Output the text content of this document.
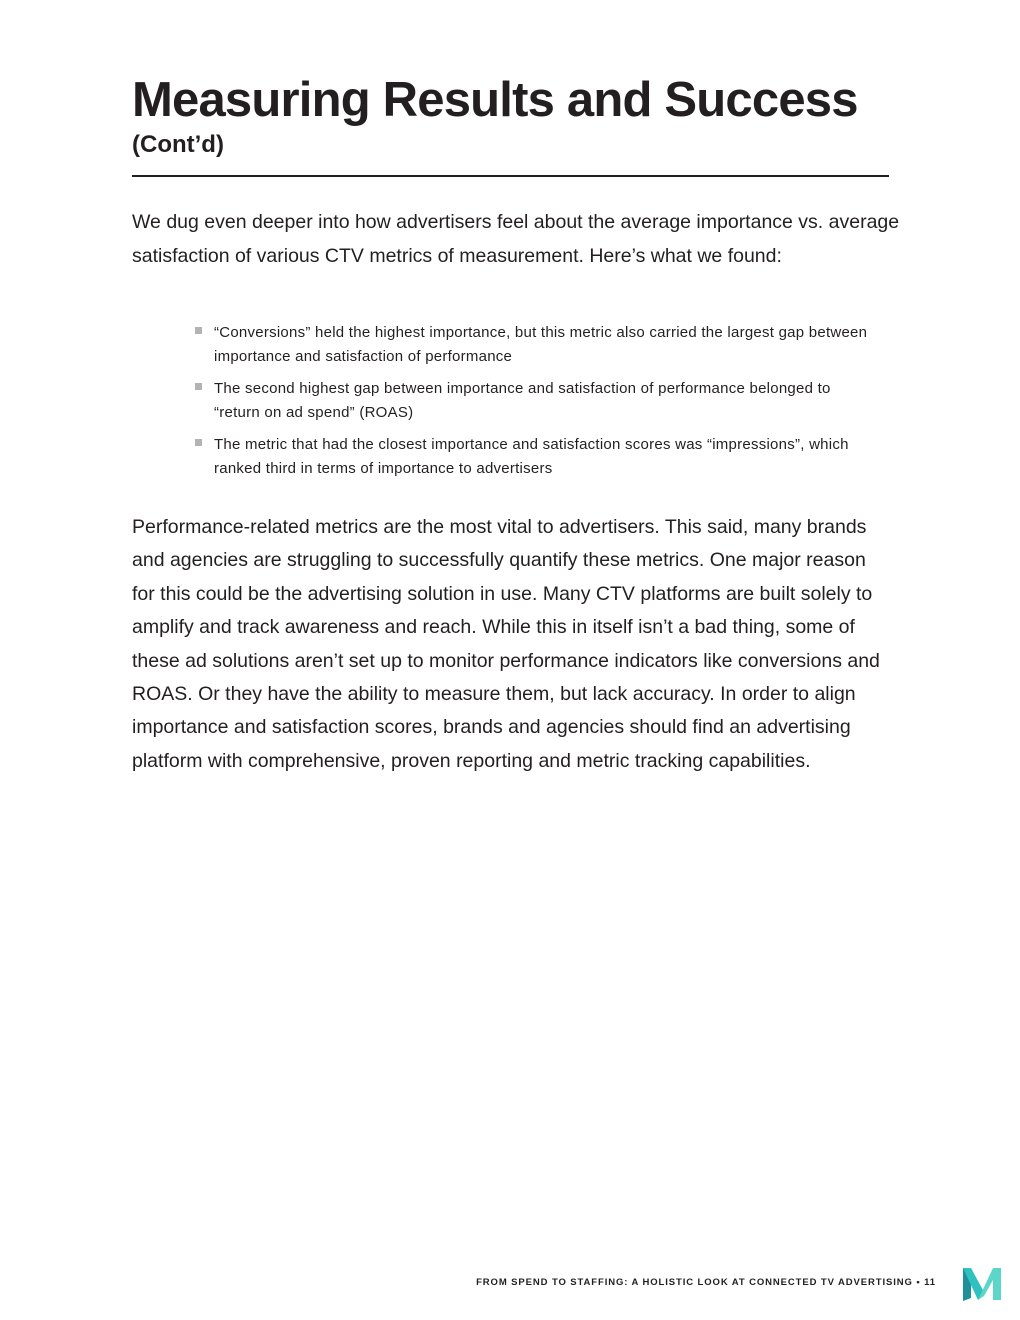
Measuring Results and Success
(Cont’d)

We dug even deeper into how advertisers feel about the average importance vs. average satisfaction of various CTV metrics of measurement. Here’s what we found:

“Conversions” held the highest importance, but this metric also carried the largest gap between importance and satisfaction of performance
The second highest gap between importance and satisfaction of performance belonged to “return on ad spend” (ROAS)
The metric that had the closest importance and satisfaction scores was “impressions”, which ranked third in terms of importance to advertisers

Performance-related metrics are the most vital to advertisers. This said, many brands and agencies are struggling to successfully quantify these metrics. One major reason for this could be the advertising solution in use. Many CTV platforms are built solely to amplify and track awareness and reach. While this in itself isn’t a bad thing, some of these ad solutions aren’t set up to monitor performance indicators like conversions and ROAS. Or they have the ability to measure them, but lack accuracy. In order to align importance and satisfaction scores, brands and agencies should find an advertising platform with comprehensive, proven reporting and metric tracking capabilities.

FROM SPEND TO STAFFING: A HOLISTIC LOOK AT CONNECTED TV ADVERTISING • 11
